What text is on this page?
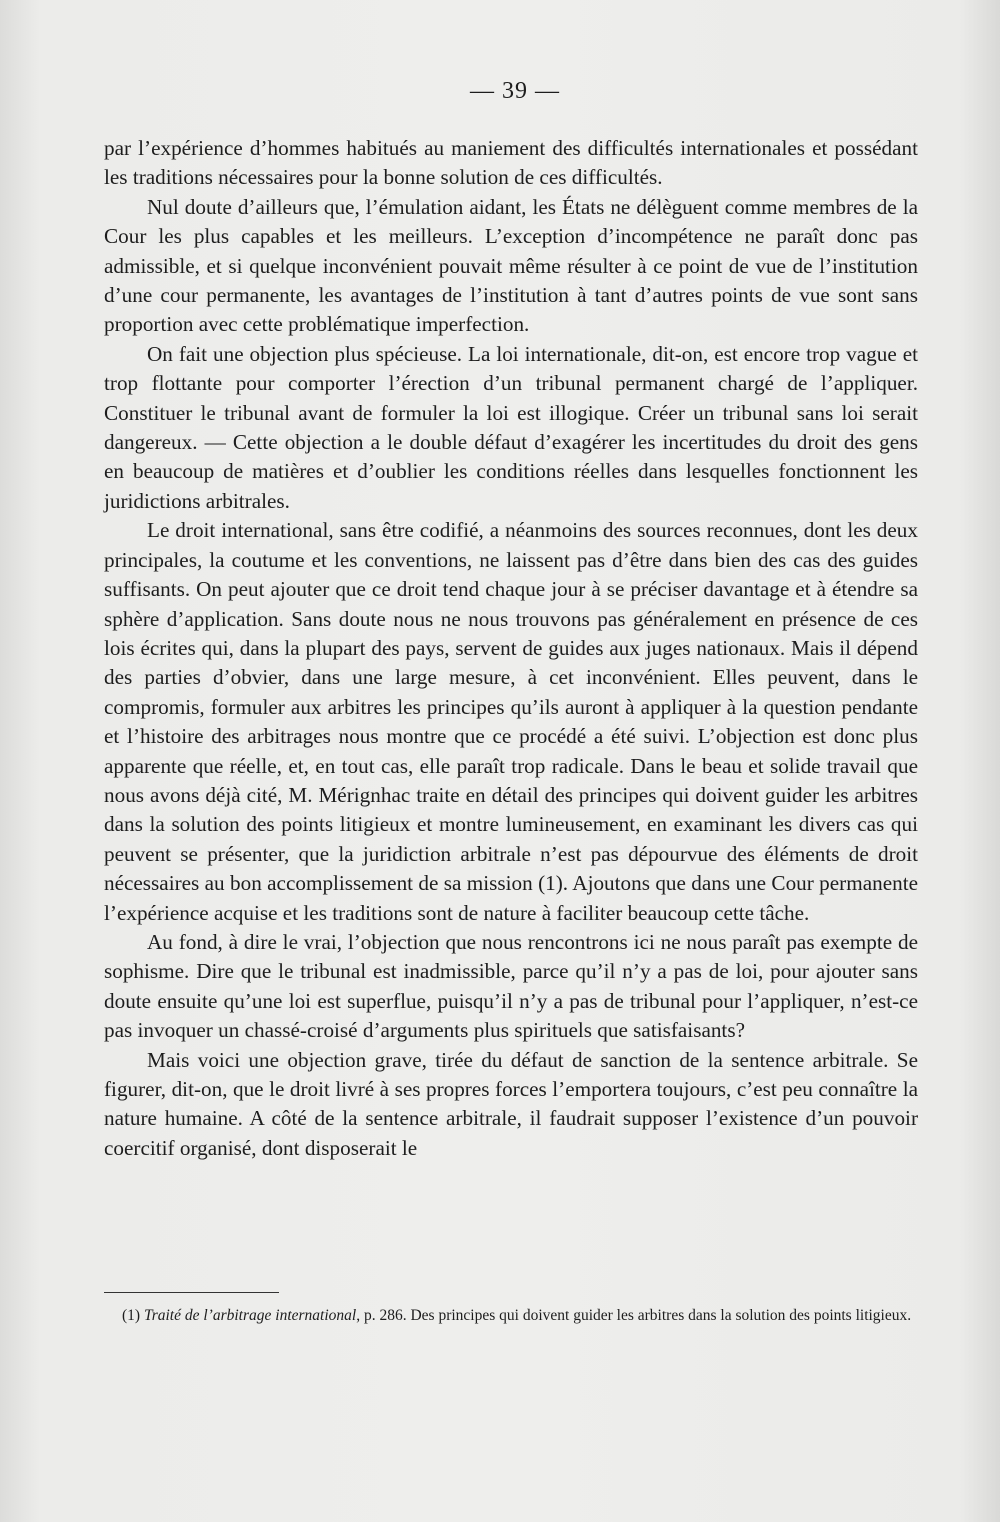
— 39 —

par l’expérience d’hommes habitués au maniement des difficultés internationales et possédant les traditions nécessaires pour la bonne solution de ces difficultés.

Nul doute d’ailleurs que, l’émulation aidant, les États ne délèguent comme membres de la Cour les plus capables et les meilleurs. L’exception d’incompétence ne paraît donc pas admissible, et si quelque inconvénient pouvait même résulter à ce point de vue de l’institution d’une cour permanente, les avantages de l’institution à tant d’autres points de vue sont sans proportion avec cette problématique imperfection.

On fait une objection plus spécieuse. La loi internationale, dit-on, est encore trop vague et trop flottante pour comporter l’érection d’un tribunal permanent chargé de l’appliquer. Constituer le tribunal avant de formuler la loi est illogique. Créer un tribunal sans loi serait dangereux. — Cette objection a le double défaut d’exagérer les incertitudes du droit des gens en beaucoup de matières et d’oublier les conditions réelles dans lesquelles fonctionnent les juridictions arbitrales.

Le droit international, sans être codifié, a néanmoins des sources reconnues, dont les deux principales, la coutume et les conventions, ne laissent pas d’être dans bien des cas des guides suffisants. On peut ajouter que ce droit tend chaque jour à se préciser davantage et à étendre sa sphère d’application. Sans doute nous ne nous trouvons pas généralement en présence de ces lois écrites qui, dans la plupart des pays, servent de guides aux juges nationaux. Mais il dépend des parties d’obvier, dans une large mesure, à cet inconvénient. Elles peuvent, dans le compromis, formuler aux arbitres les principes qu’ils auront à appliquer à la question pendante et l’histoire des arbitrages nous montre que ce procédé a été suivi. L’objection est donc plus apparente que réelle, et, en tout cas, elle paraît trop radicale. Dans le beau et solide travail que nous avons déjà cité, M. Mérignhac traite en détail des principes qui doivent guider les arbitres dans la solution des points litigieux et montre lumineusement, en examinant les divers cas qui peuvent se présenter, que la juridiction arbitrale n’est pas dépourvue des éléments de droit nécessaires au bon accomplissement de sa mission (1). Ajoutons que dans une Cour permanente l’expérience acquise et les traditions sont de nature à faciliter beaucoup cette tâche.

Au fond, à dire le vrai, l’objection que nous rencontrons ici ne nous paraît pas exempte de sophisme. Dire que le tribunal est inadmissible, parce qu’il n’y a pas de loi, pour ajouter sans doute ensuite qu’une loi est superflue, puisqu’il n’y a pas de tribunal pour l’appliquer, n’est-ce pas invoquer un chassé-croisé d’arguments plus spirituels que satisfaisants?

Mais voici une objection grave, tirée du défaut de sanction de la sentence arbitrale. Se figurer, dit-on, que le droit livré à ses propres forces l’emportera toujours, c’est peu connaître la nature humaine. A côté de la sentence arbitrale, il faudrait supposer l’existence d’un pouvoir coercitif organisé, dont disposerait le

(1) Traité de l’arbitrage international, p. 286. Des principes qui doivent guider les arbitres dans la solution des points litigieux.
